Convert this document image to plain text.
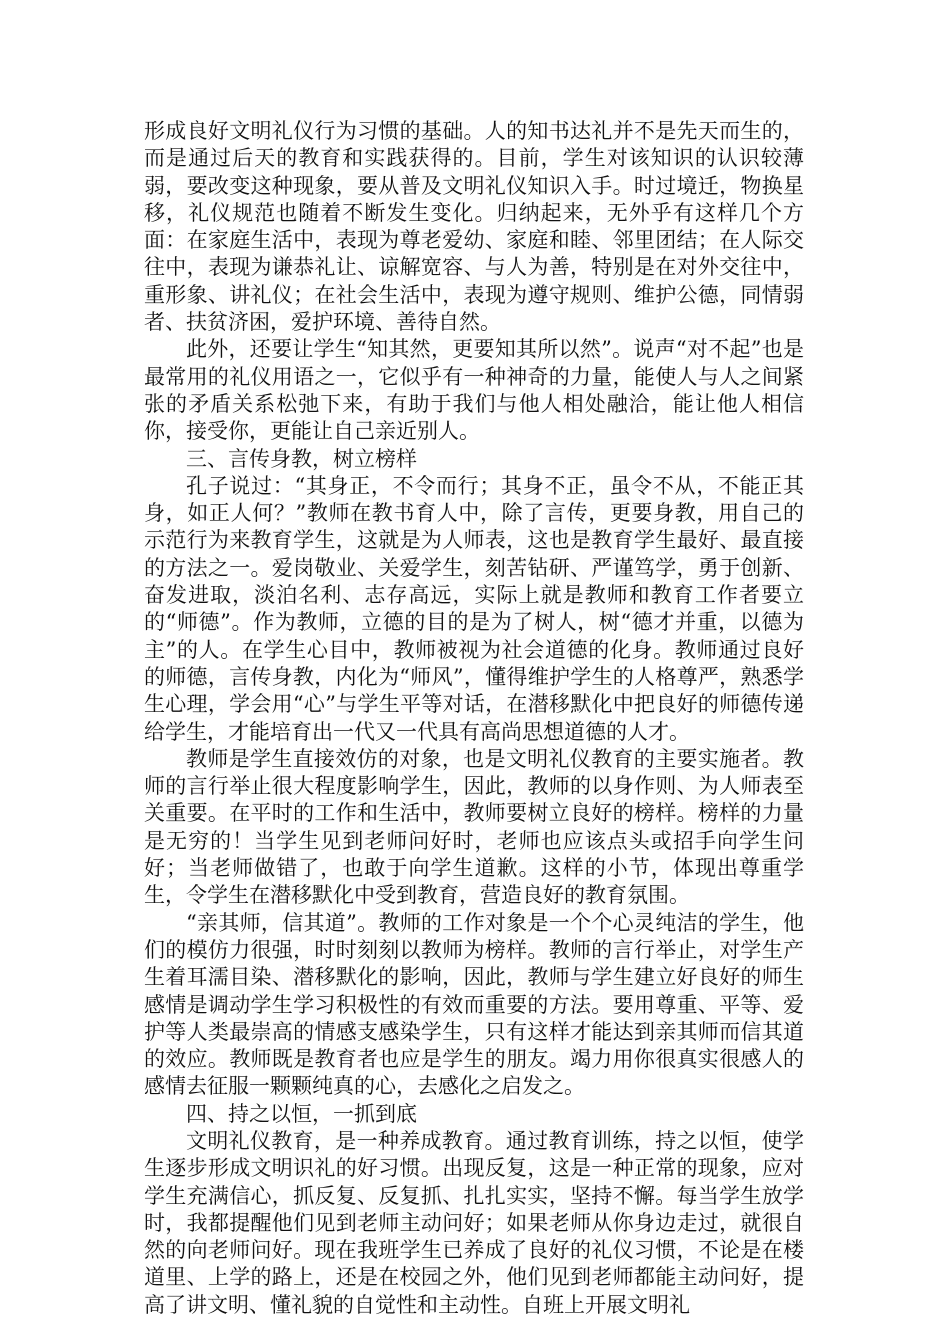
形成良好文明礼仪行为习惯的基础。人的知书达礼并不是先天而生的，而是通过后天的教育和实践获得的。目前，学生对该知识的认识较薄弱，要改变这种现象，要从普及文明礼仪知识入手。时过境迁，物换星移，礼仪规范也随着不断发生变化。归纳起来，无外乎有这样几个方面：在家庭生活中，表现为尊老爱幼、家庭和睦、邻里团结；在人际交往中，表现为谦恭礼让、谅解宽容、与人为善，特别是在对外交往中，重形象、讲礼仪；在社会生活中，表现为遵守规则、维护公德，同情弱者、扶贫济困，爱护环境、善待自然。

此外，还要让学生“知其然，更要知其所以然”。说声“对不起”也是最常用的礼仪用语之一，它似乎有一种神奇的力量，能使人与人之间紧张的矛盾关系松弛下来，有助于我们与他人相处融洽，能让他人相信你，接受你，更能让自己亲近别人。

三、言传身教，树立榜样

孔子说过：“其身正，不令而行；其身不正，虽令不从，不能正其身，如正人何？”教师在教书育人中，除了言传，更要身教，用自己的示范行为来教育学生，这就是为人师表，这也是教育学生最好、最直接的方法之一。爱岗敬业、关爱学生，刻苦钻研、严谨笃学，勇于创新、奋发进取，淡泊名利、志存高远，实际上就是教师和教育工作者要立的“师德”。作为教师，立德的目的是为了树人，树“德才并重，以德为主”的人。在学生心目中，教师被视为社会道德的化身。教师通过良好的师德，言传身教，内化为“师风”，懂得维护学生的人格尊严，熟悉学生心理，学会用“心”与学生平等对话，在潜移默化中把良好的师德传递给学生，才能培育出一代又一代具有高尚思想道德的人才。

教师是学生直接效仿的对象，也是文明礼仪教育的主要实施者。教师的言行举止很大程度影响学生，因此，教师的以身作则、为人师表至关重要。在平时的工作和生活中，教师要树立良好的榜样。榜样的力量是无穷的！当学生见到老师问好时，老师也应该点头或招手向学生问好；当老师做错了，也敢于向学生道歉。这样的小节，体现出尊重学生，令学生在潜移默化中受到教育，营造良好的教育氛围。

“亲其师，信其道”。教师的工作对象是一个个心灵纯洁的学生，他们的模仿力很强，时时刻刻以教师为榜样。教师的言行举止，对学生产生着耳濡目染、潜移默化的影响，因此，教师与学生建立好良好的师生感情是调动学生学习积极性的有效而重要的方法。要用尊重、平等、爱护等人类最崇高的情感支感染学生，只有这样才能达到亲其师而信其道的效应。教师既是教育者也应是学生的朋友。竭力用你很真实很感人的感情去征服一颗颗纯真的心，去感化之启发之。

四、持之以恒，一抓到底

文明礼仪教育，是一种养成教育。通过教育训练，持之以恒，使学生逐步形成文明识礼的好习惯。出现反复，这是一种正常的现象，应对学生充满信心，抓反复、反复抓、扎扎实实，坚持不懈。每当学生放学时，我都提醒他们见到老师主动问好；如果老师从你身边走过，就很自然的向老师问好。现在我班学生已养成了良好的礼仪习惯，不论是在楼道里、上学的路上，还是在校园之外，他们见到老师都能主动问好，提高了讲文明、懂礼貌的自觉性和主动性。自班上开展文明礼
